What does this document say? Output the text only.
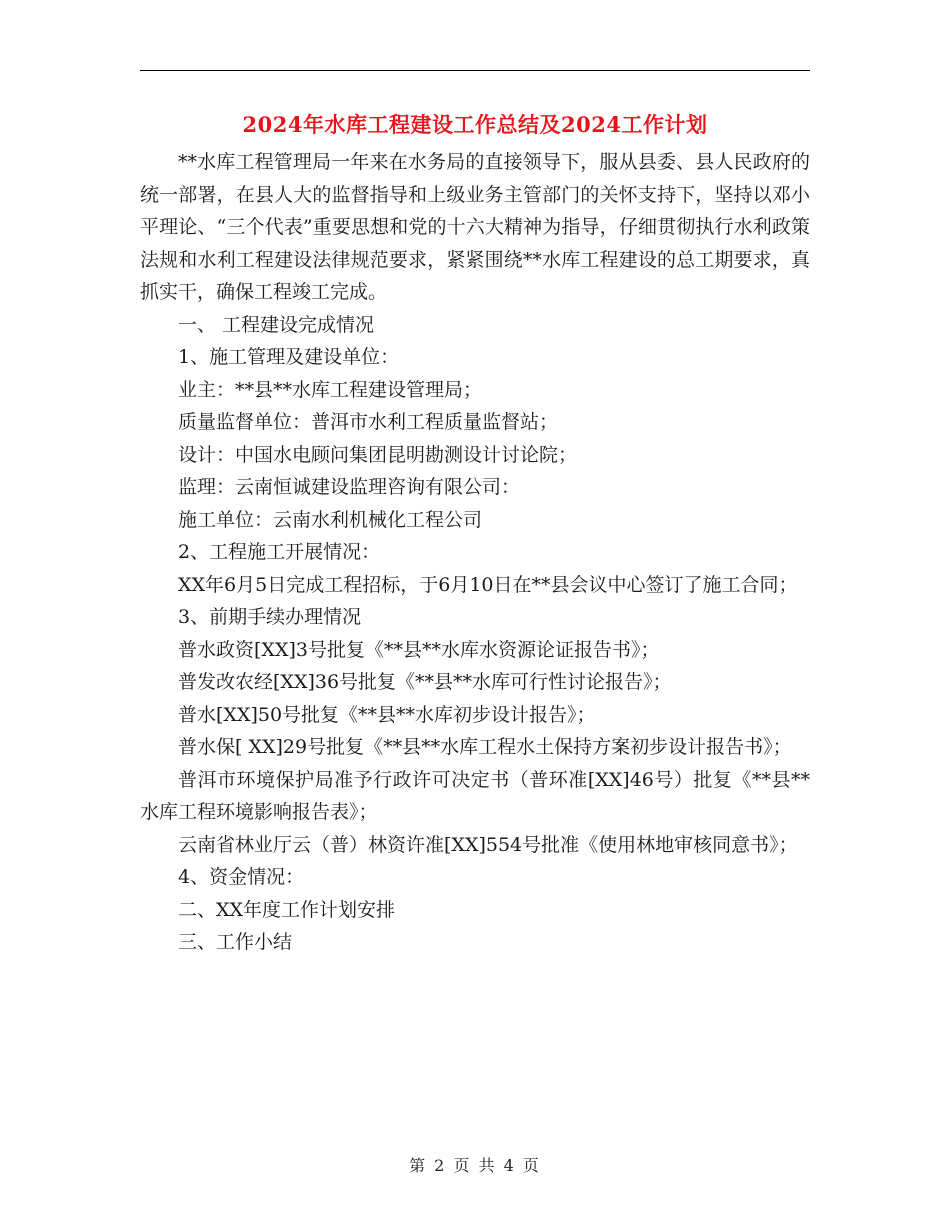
2024年水库工程建设工作总结及2024工作计划

**水库工程管理局一年来在水务局的直接领导下，服从县委、县人民政府的统一部署，在县人大的监督指导和上级业务主管部门的关怀支持下，坚持以邓小平理论、“三个代表”重要思想和党的十六大精神为指导，仔细贯彻执行水利政策法规和水利工程建设法律规范要求，紧紧围绕**水库工程建设的总工期要求，真抓实干，确保工程竣工完成。

一、 工程建设完成情况

1、施工管理及建设单位：

业主：**县**水库工程建设管理局；

质量监督单位：普洱市水利工程质量监督站；

设计：中国水电顾问集团昆明勘测设计讨论院；

监理：云南恒诚建设监理咨询有限公司：

施工单位：云南水利机械化工程公司

2、工程施工开展情况：

XX年6月5日完成工程招标，于6月10日在**县会议中心签订了施工合同；

3、前期手续办理情况

普水政资[XX]3号批复《**县**水库水资源论证报告书》；

普发改农经[XX]36号批复《**县**水库可行性讨论报告》；

普水[XX]50号批复《**县**水库初步设计报告》；

普水保[ XX]29号批复《**县**水库工程水土保持方案初步设计报告书》；

普洱市环境保护局准予行政许可决定书（普环准[XX]46号）批复《**县**水库工程环境影响报告表》；

云南省林业厅云（普）林资许准[XX]554号批准《使用林地审核同意书》；

4、资金情况：

二、XX年度工作计划安排

三、工作小结

第 2 页 共 4 页
